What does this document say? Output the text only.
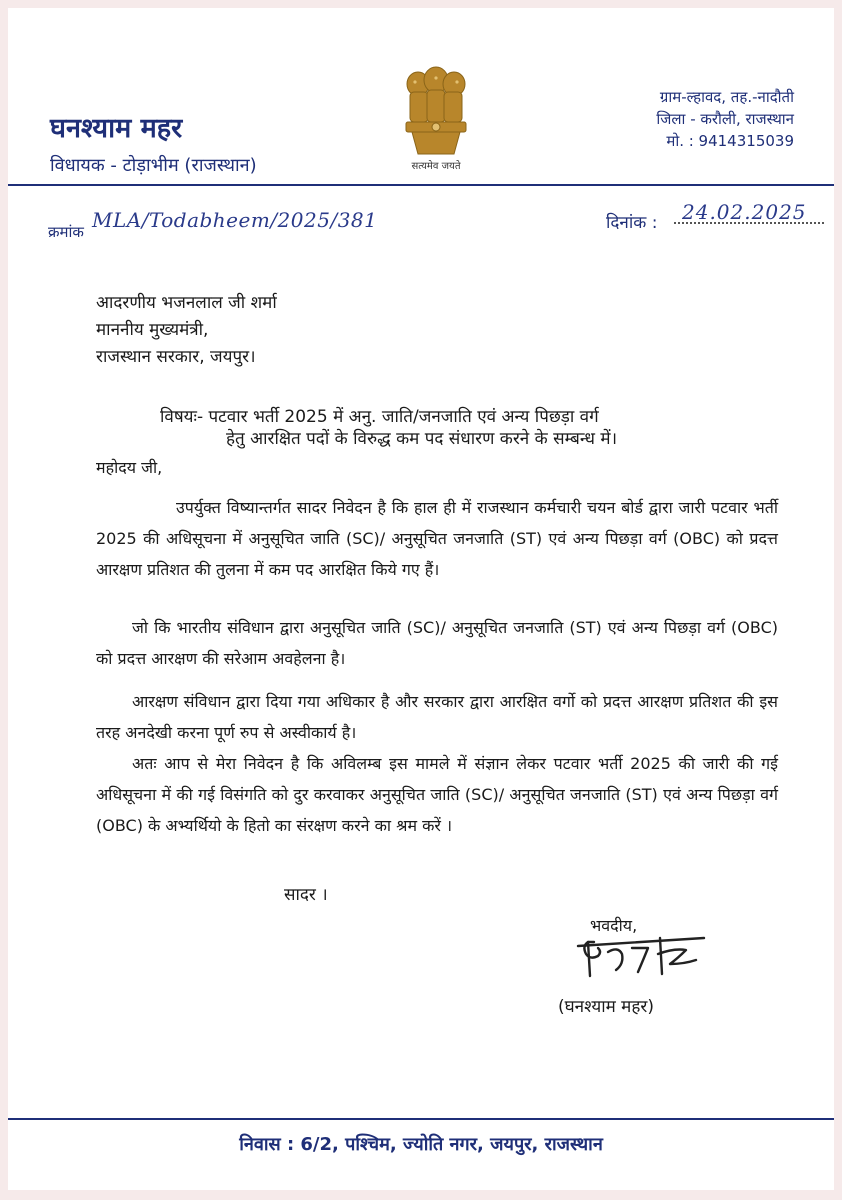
घनश्याम महर
विधायक - टोड़ाभीम (राजस्थान)	सत्यमेव जयते
ग्राम-ल्हावद, तह.-नादौती
जिला - करौली, राजस्थान
मो. : 9414315039
क्रमांक MLA/Todabheem/2025/381	दिनांक : 24.02.2025
आदरणीय भजनलाल जी शर्मा
माननीय मुख्यमंत्री,
राजस्थान सरकार, जयपुर।
विषयः- पटवार भर्ती 2025 में अनु. जाति/जनजाति एवं अन्य पिछड़ा वर्ग
हेतु आरक्षित पदों के विरुद्ध कम पद संधारण करने के सम्बन्ध में।
महोदय जी,
उपर्युक्त विष्यान्तर्गत सादर निवेदन है कि हाल ही में राजस्थान कर्मचारी चयन बोर्ड द्वारा जारी पटवार भर्ती 2025 की अधिसूचना में अनुसूचित जाति (SC)/ अनुसूचित जनजाति (ST) एवं अन्य पिछड़ा वर्ग (OBC) को प्रदत्त आरक्षण प्रतिशत की तुलना में कम पद आरक्षित किये गए हैं।
जो कि भारतीय संविधान द्वारा अनुसूचित जाति (SC)/ अनुसूचित जनजाति (ST) एवं अन्य पिछड़ा वर्ग (OBC) को प्रदत्त आरक्षण की सरेआम अवहेलना है।
आरक्षण संविधान द्वारा दिया गया अधिकार है और सरकार द्वारा आरक्षित वर्गो को प्रदत्त आरक्षण प्रतिशत की इस तरह अनदेखी करना पूर्ण रुप से अस्वीकार्य है।
अतः आप से मेरा निवेदन है कि अविलम्ब इस मामले में संज्ञान लेकर पटवार भर्ती 2025 की जारी की गई अधिसूचना में की गई विसंगति को दुर करवाकर अनुसूचित जाति (SC)/ अनुसूचित जनजाति (ST) एवं अन्य पिछड़ा वर्ग (OBC) के अभ्यर्थियो के हितो का संरक्षण करने का श्रम करें ।
सादर ।
भवदीय,
(घनश्याम महर)
निवास : 6/2, पश्चिम, ज्योति नगर, जयपुर, राजस्थान
